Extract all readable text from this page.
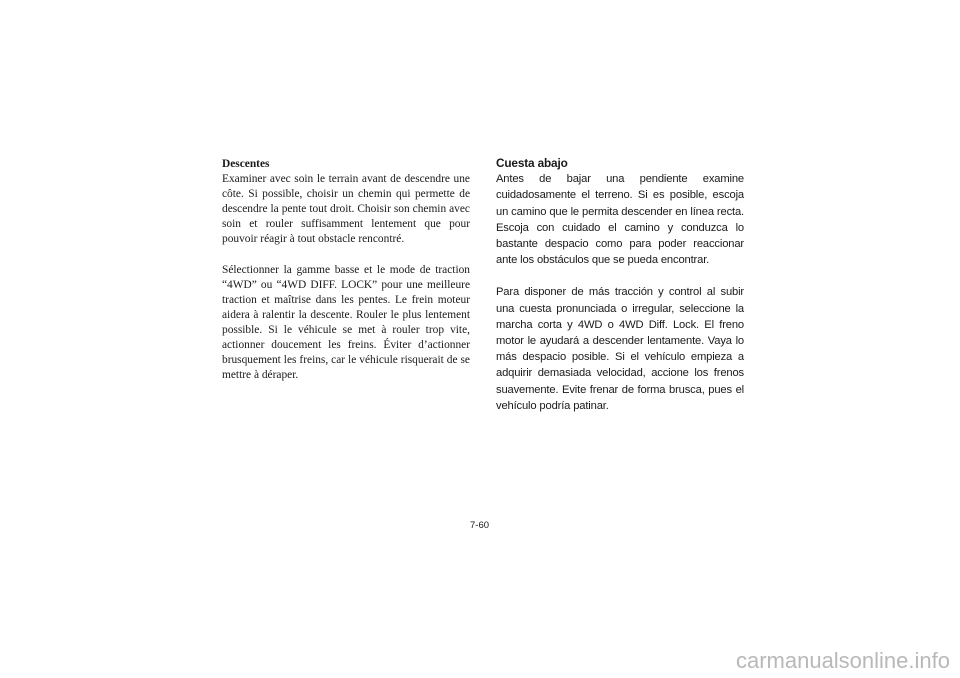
Descentes

Examiner avec soin le terrain avant de descendre une côte. Si possible, choisir un chemin qui permette de descendre la pente tout droit. Choisir son chemin avec soin et rouler suffisamment lentement que pour pouvoir réagir à tout obstacle rencontré.

Sélectionner la gamme basse et le mode de traction “4WD” ou “4WD DIFF. LOCK” pour une meilleure traction et maîtrise dans les pentes. Le frein moteur aidera à ralentir la descente. Rouler le plus lentement possible. Si le véhicule se met à rouler trop vite, actionner doucement les freins. Éviter d’actionner brusquement les freins, car le véhicule risquerait de se mettre à déraper.

Cuesta abajo

Antes de bajar una pendiente examine cuidadosamente el terreno. Si es posible, escoja un camino que le permita descender en línea recta. Escoja con cuidado el camino y conduzca lo bastante despacio como para poder reaccionar ante los obstáculos que se pueda encontrar.

Para disponer de más tracción y control al subir una cuesta pronunciada o irregular, seleccione la marcha corta y 4WD o 4WD Diff. Lock. El freno motor le ayudará a descender lentamente. Vaya lo más despacio posible. Si el vehículo empieza a adquirir demasiada velocidad, accione los frenos suavemente. Evite frenar de forma brusca, pues el vehículo podría patinar.

7-60
carmanualsonline.info
